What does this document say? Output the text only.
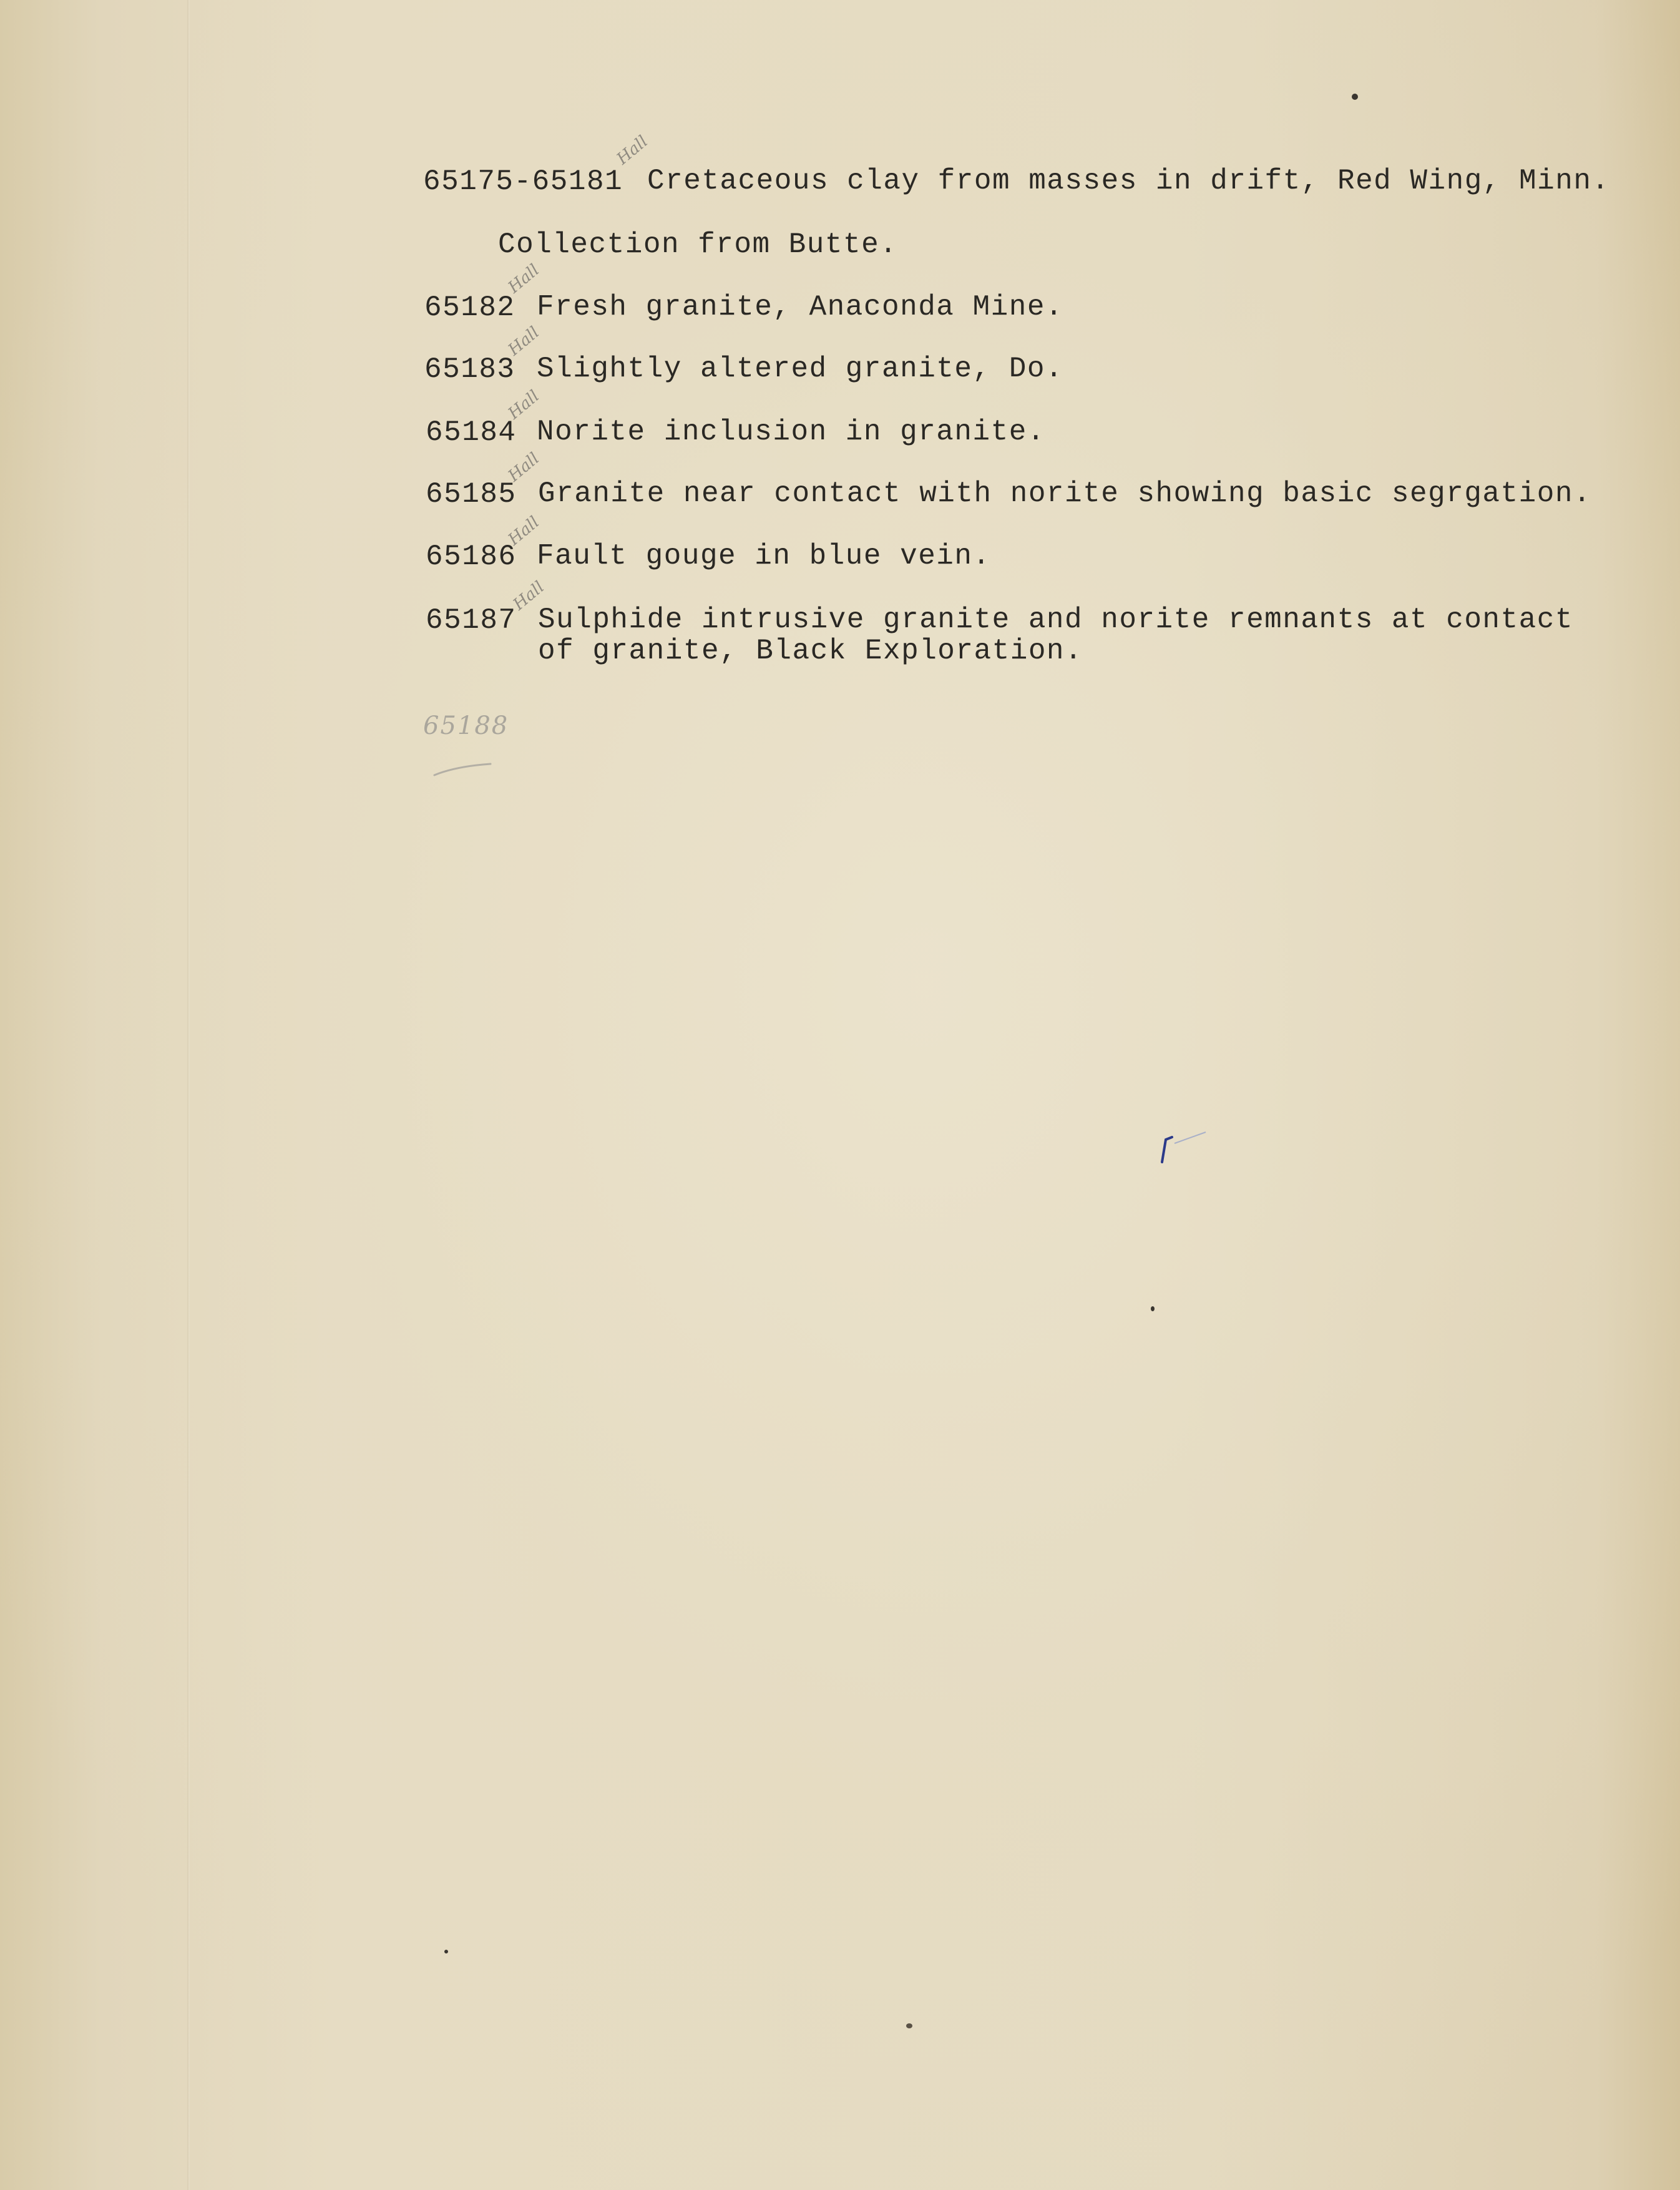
65175-65181 Cretaceous clay from masses in drift, Red Wing, Minn.
Hall
Collection from Butte.
65182 Fresh granite, Anaconda Mine.
Hall
65183 Slightly altered granite, Do.
Hall
65184 Norite inclusion in granite.
Hall
65185 Granite near contact with norite showing basic segrgation.
Hall
65186 Fault gouge in blue vein.
Hall
65187 Sulphide intrusive granite and norite remnants at contact
of granite, Black Exploration.
Hall
65188
